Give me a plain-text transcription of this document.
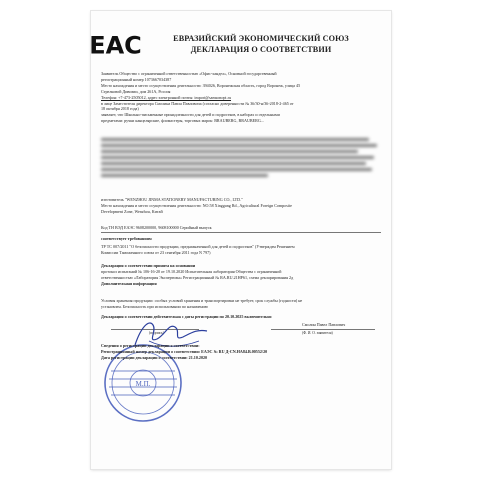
ЕАС	ЕВРАЗИЙСКИЙ ЭКОНОМИЧЕСКИЙ СОЮЗ
ДЕКЛАРАЦИЯ О СООТВЕТСТВИИ
Заявитель Общество с ограниченной ответственностью «Офис-хандел», Основной государственный
регистрационный номер 1073667034387
Место нахождения и место осуществления деятельности: 394026, Воронежская область, город Воронеж, улица 45
Стрелковой Дивизии, дом 261А, Россия
Телефон: +7-473-2505012, адрес электронной почты: import@samsonopt.ru
в лице Заместителя директора Смолина Павла Павловича (согласно доверенности № 36/30-н/36-2018-2-465 от
18 октября 2018 года)
заявляет, что Школьно-письменные принадлежности для детей и подростков, в наборах и отдельными
предметами: ручки канцелярские, фломастеры, торговых марок: BRAUBERG, BRAUBERG...
изготовитель "WENZHOU JINMA STATIONERY MANUFACTURING CO., LTD."
Место нахождения и место осуществления деятельности: NO.58 Xinggang Rd., Agricultural Foreign Composite
Development Zone, Wenzhou, Китай
Код ТН ВЭД ЕАЭС 9608200000, 9608100000 Серийный выпуск
соответствует требованиям
ТР ТС 007/2011 "О безопасности продукции, предназначенной для детей и подростков" (Утвержден Решением
Комиссии Таможенного союза от 23 сентября 2011 года N 797)
Декларация о соответствии принята на основании
протокол испытаний № 106-16-20 от 19.10.2020 Испытательная лаборатория Общества с ограниченной
ответственностью «Лаборатория Экспертизы» Регистрационный № RA.RU.21НР61, схема декларирования 2д
Дополнительная информация
Условия хранения продукции: особых условий хранения и транспортировки не требует, срок службы (годности) не
установлен. Безопасность при использовании по назначению
Декларация о соответствии действительна с даты регистрации по 20.10.2025 включительно
Смолин Павел Павлович
(подпись)	(Ф. И. О. заявителя)
М.П.
Сведения о регистрации декларации о соответствии:
Регистрационный номер декларации о соответствии: ЕАЭС № RU Д-CN.HA84.B.00552/20
Дата регистрации декларации о соответствии: 21.10.2020
